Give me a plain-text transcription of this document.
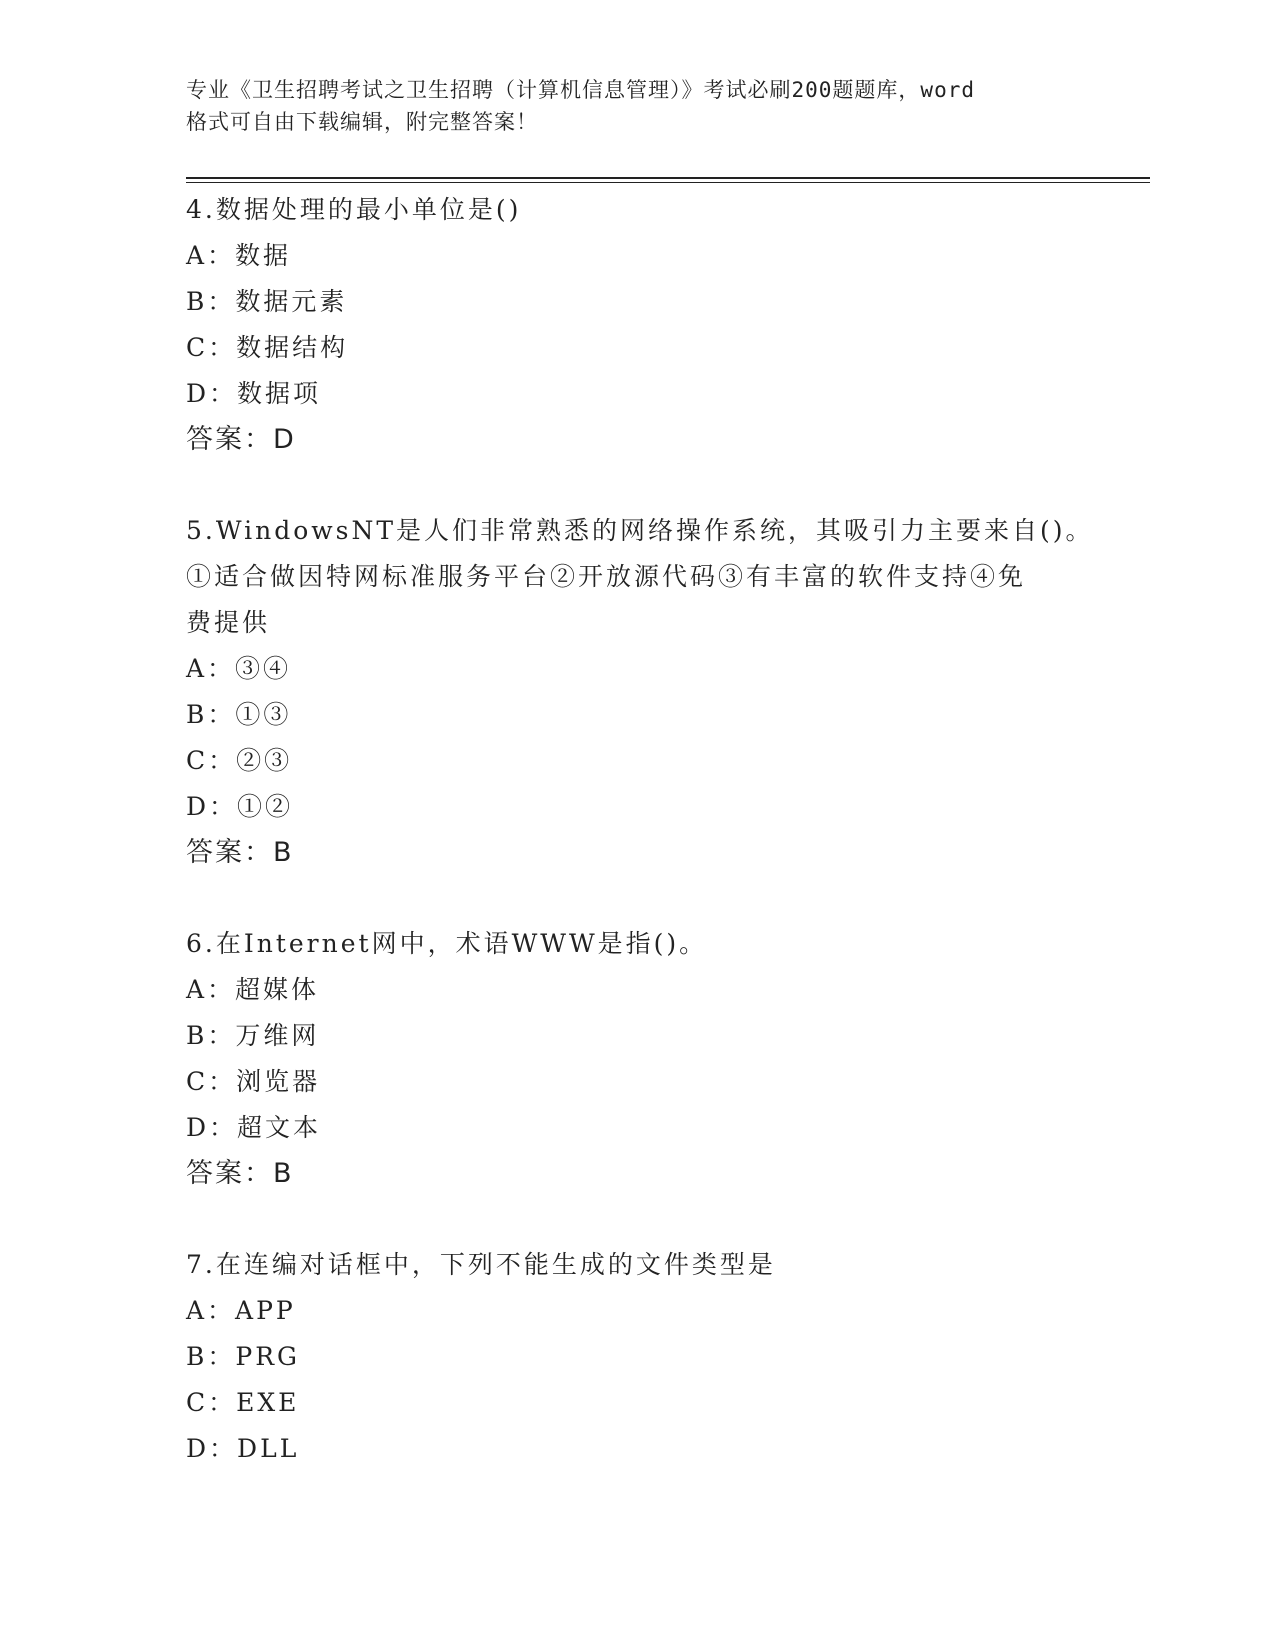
专业《卫生招聘考试之卫生招聘（计算机信息管理）》考试必刷200题题库，word
格式可自由下载编辑，附完整答案！
4.数据处理的最小单位是()
A：数据
B：数据元素
C：数据结构
D：数据项
答案：D
5.WindowsNT是人们非常熟悉的网络操作系统，其吸引力主要来自()。
①适合做因特网标准服务平台②开放源代码③有丰富的软件支持④免
费提供
A：③④
B：①③
C：②③
D：①②
答案：B
6.在Internet网中，术语WWW是指()。
A：超媒体
B：万维网
C：浏览器
D：超文本
答案：B
7.在连编对话框中，下列不能生成的文件类型是
A：APP
B：PRG
C：EXE
D：DLL
